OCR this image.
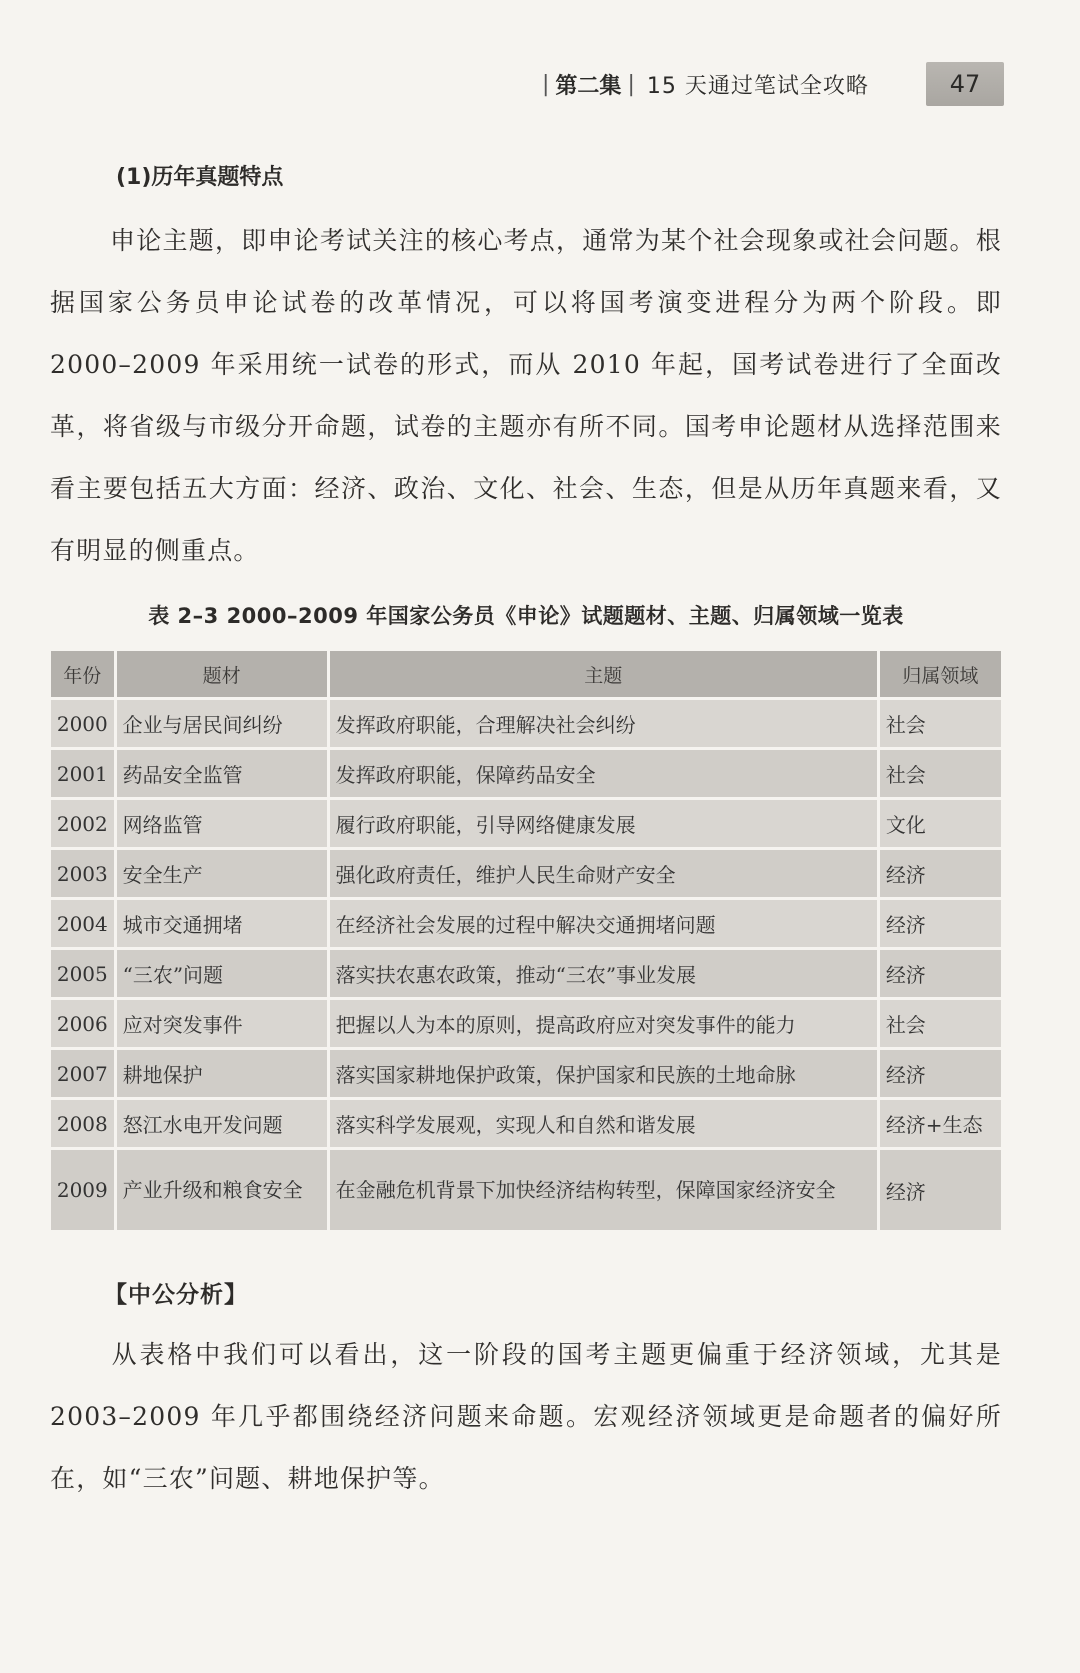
| 第二集 | 15 天通过笔试全攻略	47
(1)历年真题特点
申论主题，即申论考试关注的核心考点，通常为某个社会现象或社会问题。根据国家公务员申论试卷的改革情况，可以将国考演变进程分为两个阶段。即 2000–2009 年采用统一试卷的形式，而从 2010 年起，国考试卷进行了全面改革，将省级与市级分开命题，试卷的主题亦有所不同。国考申论题材从选择范围来看主要包括五大方面：经济、政治、文化、社会、生态，但是从历年真题来看，又有明显的侧重点。
表 2–3 2000–2009 年国家公务员《申论》试题题材、主题、归属领域一览表
年份	题材	主题	归属领域
2000	企业与居民间纠纷	发挥政府职能，合理解决社会纠纷	社会
2001	药品安全监管	发挥政府职能，保障药品安全	社会
2002	网络监管	履行政府职能，引导网络健康发展	文化
2003	安全生产	强化政府责任，维护人民生命财产安全	经济
2004	城市交通拥堵	在经济社会发展的过程中解决交通拥堵问题	经济
2005	“三农”问题	落实扶农惠农政策，推动“三农”事业发展	经济
2006	应对突发事件	把握以人为本的原则，提高政府应对突发事件的能力	社会
2007	耕地保护	落实国家耕地保护政策，保护国家和民族的土地命脉	经济
2008	怒江水电开发问题	落实科学发展观，实现人和自然和谐发展	经济+生态
2009	产业升级和粮食安全	在金融危机背景下加快经济结构转型，保障国家经济安全	经济
【中公分析】
从表格中我们可以看出，这一阶段的国考主题更偏重于经济领域，尤其是 2003–2009 年几乎都围绕经济问题来命题。宏观经济领域更是命题者的偏好所在，如“三农”问题、耕地保护等。
